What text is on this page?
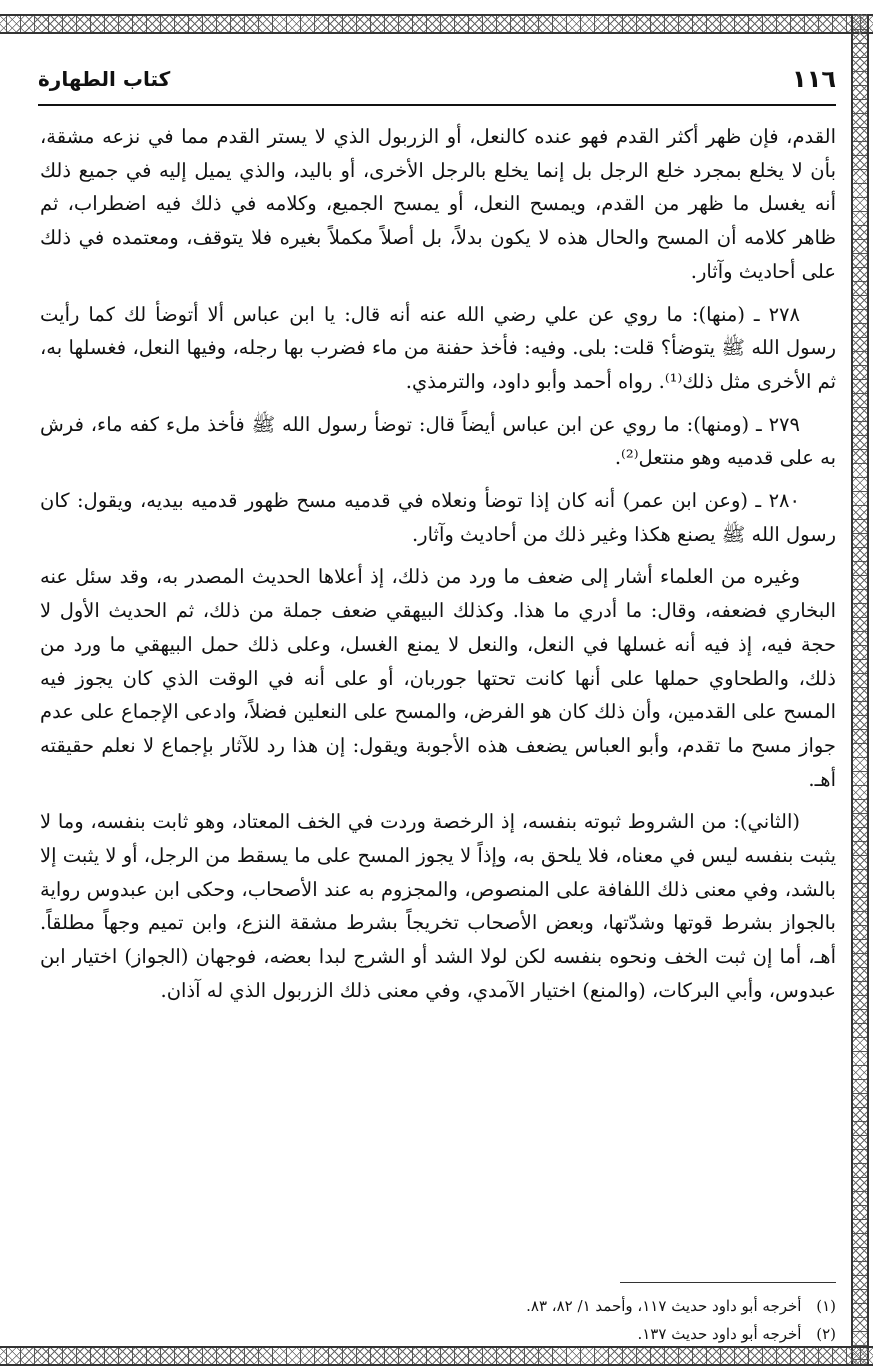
١١٦
كتاب الطهارة

القدم، فإن ظهر أكثر القدم فهو عنده كالنعل، أو الزربول الذي لا يستر القدم مما في نزعه مشقة، بأن لا يخلع بمجرد خلع الرجل بل إنما يخلع بالرجل الأخرى، أو باليد، والذي يميل إليه في جميع ذلك أنه يغسل ما ظهر من القدم، ويمسح النعل، أو يمسح الجميع، وكلامه في ذلك فيه اضطراب، ثم ظاهر كلامه أن المسح والحال هذه لا يكون بدلاً، بل أصلاً مكملاً بغيره فلا يتوقف، ومعتمده في ذلك على أحاديث وآثار.

٢٧٨ ـ (منها): ما روي عن علي رضي الله عنه أنه قال: يا ابن عباس ألا أتوضأ لك كما رأيت رسول الله ﷺ يتوضأ؟ قلت: بلى. وفيه: فأخذ حفنة من ماء فضرب بها رجله، وفيها النعل، فغسلها به، ثم الأخرى مثل ذلك⁽¹⁾. رواه أحمد وأبو داود، والترمذي.

٢٧٩ ـ (ومنها): ما روي عن ابن عباس أيضاً قال: توضأ رسول الله ﷺ فأخذ ملء كفه ماء، فرش به على قدميه وهو منتعل⁽²⁾.

٢٨٠ ـ (وعن ابن عمر) أنه كان إذا توضأ ونعلاه في قدميه مسح ظهور قدميه بيديه، ويقول: كان رسول الله ﷺ يصنع هكذا وغير ذلك من أحاديث وآثار.

وغيره من العلماء أشار إلى ضعف ما ورد من ذلك، إذ أعلاها الحديث المصدر به، وقد سئل عنه البخاري فضعفه، وقال: ما أدري ما هذا. وكذلك البيهقي ضعف جملة من ذلك، ثم الحديث الأول لا حجة فيه، إذ فيه أنه غسلها في النعل، والنعل لا يمنع الغسل، وعلى ذلك حمل البيهقي ما ورد من ذلك، والطحاوي حملها على أنها كانت تحتها جوربان، أو على أنه في الوقت الذي كان يجوز فيه المسح على القدمين، وأن ذلك كان هو الفرض، والمسح على النعلين فضلاً، وادعى الإجماع على عدم جواز مسح ما تقدم، وأبو العباس يضعف هذه الأجوبة ويقول: إن هذا رد للآثار بإجماع لا نعلم حقيقته أهـ.

(الثاني): من الشروط ثبوته بنفسه، إذ الرخصة وردت في الخف المعتاد، وهو ثابت بنفسه، وما لا يثبت بنفسه ليس في معناه، فلا يلحق به، وإذاً لا يجوز المسح على ما يسقط من الرجل، أو لا يثبت إلا بالشد، وفي معنى ذلك اللفافة على المنصوص، والمجزوم به عند الأصحاب، وحكى ابن عبدوس رواية بالجواز بشرط قوتها وشدّتها، وبعض الأصحاب تخريجاً بشرط مشقة النزع، وابن تميم وجهاً مطلقاً. أهـ، أما إن ثبت الخف ونحوه بنفسه لكن لولا الشد أو الشرج لبدا بعضه، فوجهان (الجواز) اختيار ابن عبدوس، وأبي البركات، (والمنع) اختيار الآمدي، وفي معنى ذلك الزربول الذي له آذان.

(١) أخرجه أبو داود حديث ١١٧، وأحمد ١/ ٨٢، ٨٣.

(٢) أخرجه أبو داود حديث ١٣٧.
